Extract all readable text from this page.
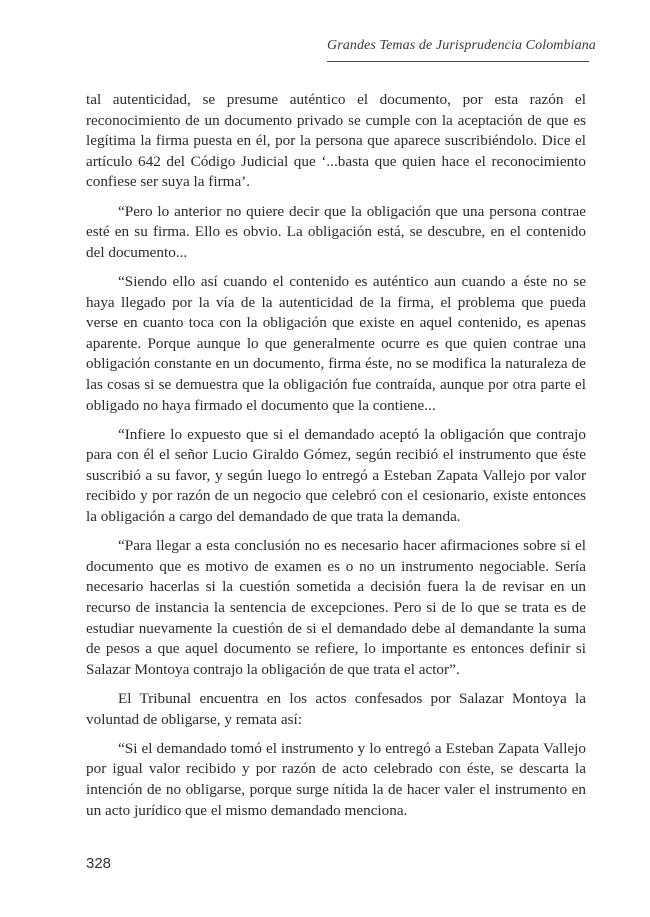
Grandes Temas de Jurisprudencia Colombiana

tal autenticidad, se presume auténtico el documento, por esta razón el reconocimiento de un documento privado se cumple con la aceptación de que es legítima la firma puesta en él, por la persona que aparece suscribiéndolo. Dice el artículo 642 del Código Judicial que ‘...basta que quien hace el reconocimiento confiese ser suya la firma’.

“Pero lo anterior no quiere decir que la obligación que una persona contrae esté en su firma. Ello es obvio. La obligación está, se descubre, en el contenido del documento...

“Siendo ello así cuando el contenido es auténtico aun cuando a éste no se haya llegado por la vía de la autenticidad de la firma, el problema que pueda verse en cuanto toca con la obligación que existe en aquel contenido, es apenas aparente. Porque aunque lo que generalmente ocurre es que quien contrae una obligación constante en un documento, firma éste, no se modifica la naturaleza de las cosas si se demuestra que la obligación fue contraída, aunque por otra parte el obligado no haya firmado el documento que la contiene...

“Infiere lo expuesto que si el demandado aceptó la obligación que contrajo para con él el señor Lucio Giraldo Gómez, según recibió el instrumento que éste suscribió a su favor, y según luego lo entregó a Esteban Zapata Vallejo por valor recibido y por razón de un negocio que celebró con el cesionario, existe entonces la obligación a cargo del demandado de que trata la demanda.

“Para llegar a esta conclusión no es necesario hacer afirmaciones sobre si el documento que es motivo de examen es o no un instrumento negociable. Sería necesario hacerlas si la cuestión sometida a decisión fuera la de revisar en un recurso de instancia la sentencia de excepciones. Pero si de lo que se trata es de estudiar nuevamente la cuestión de si el demandado debe al demandante la suma de pesos a que aquel documento se refiere, lo importante es entonces definir si Salazar Montoya contrajo la obligación de que trata el actor”.

El Tribunal encuentra en los actos confesados por Salazar Montoya la voluntad de obligarse, y remata así:

“Si el demandado tomó el instrumento y lo entregó a Esteban Zapata Vallejo por igual valor recibido y por razón de acto celebrado con éste, se descarta la intención de no obligarse, porque surge nítida la de hacer valer el instrumento en un acto jurídico que el mismo demandado menciona.

328
